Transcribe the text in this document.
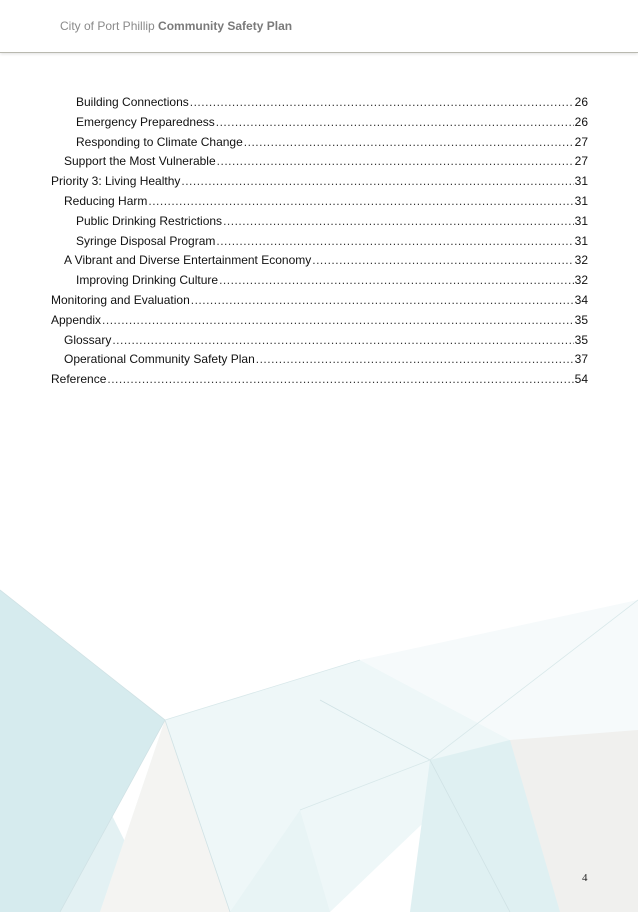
City of Port Phillip Community Safety Plan
Building Connections .....	26
Emergency Preparedness .....	26
Responding to Climate Change .....	27
Support the Most Vulnerable .....	27
Priority 3: Living Healthy .....	31
Reducing Harm .....	31
Public Drinking Restrictions .....	31
Syringe Disposal Program .....	31
A Vibrant and Diverse Entertainment Economy .....	32
Improving Drinking Culture .....	32
Monitoring and Evaluation .....	34
Appendix .....	35
Glossary .....	35
Operational Community Safety Plan .....	37
Reference .....	54
4
